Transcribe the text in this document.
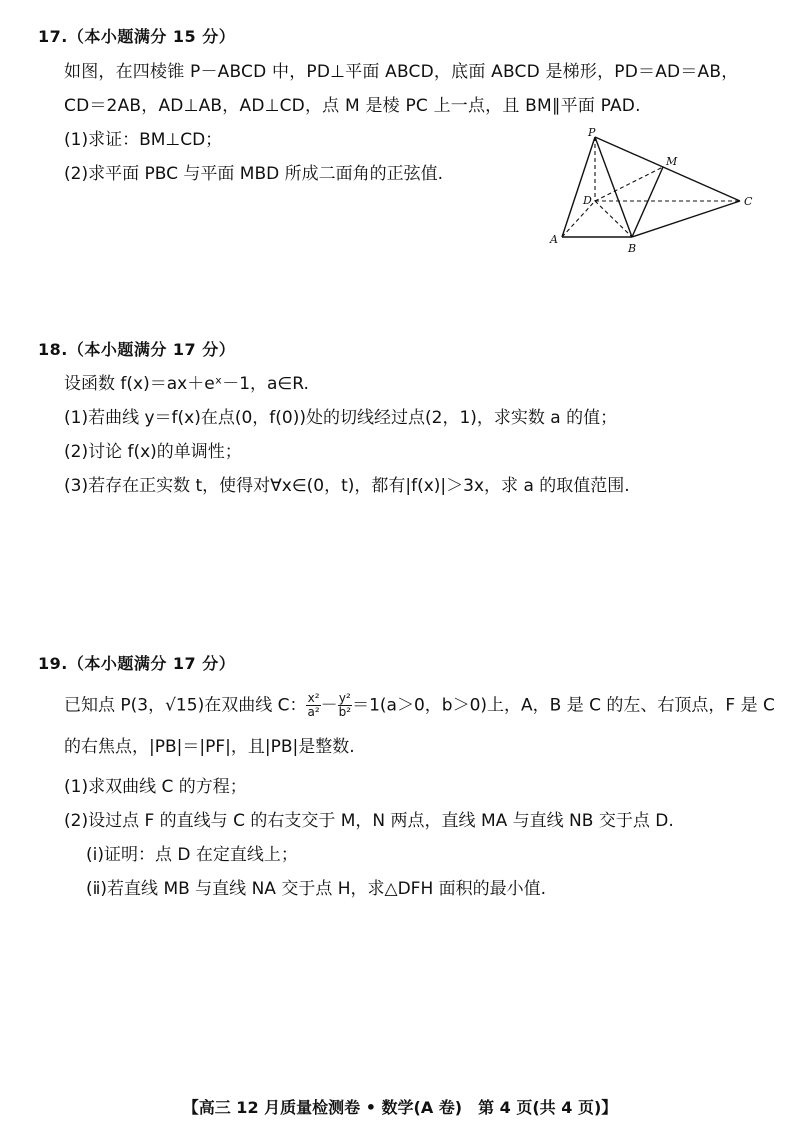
17.（本小题满分 15 分）
如图，在四棱锥 P－ABCD 中，PD⊥平面 ABCD，底面 ABCD 是梯形，PD＝AD＝AB，
CD＝2AB，AD⊥AB，AD⊥CD，点 M 是棱 PC 上一点，且 BM∥平面 PAD.
(1)求证：BM⊥CD；
(2)求平面 PBC 与平面 MBD 所成二面角的正弦值.
P
M
D	C
A
B
18.（本小题满分 17 分）
设函数 f(x)＝ax＋eˣ－1，a∈R.
(1)若曲线 y＝f(x)在点(0，f(0))处的切线经过点(2，1)，求实数 a 的值；
(2)讨论 f(x)的单调性；
(3)若存在正实数 t，使得对∀x∈(0，t)，都有|f(x)|＞3x，求 a 的取值范围.
19.（本小题满分 17 分）
已知点 P(3，√15)在双曲线 C： $\frac{\text{x²}}{\text{a²}} - \frac{\text{y²}}{\text{b²}} =1(a>0$，b＞0)上，A，B 是 C 的左、右顶点，F 是 C
的右焦点，|PB|＝|PF|，且|PB|是整数.
(1)求双曲线 C 的方程；
(2)设过点 F 的直线与 C 的右支交于 M，N 两点，直线 MA 与直线 NB 交于点 D.
(ⅰ)证明：点 D 在定直线上；
(ⅱ)若直线 MB 与直线 NA 交于点 H，求△DFH 面积的最小值.
【高三 12 月质量检测卷 • 数学(A 卷)　第 4 页(共 4 页)】
